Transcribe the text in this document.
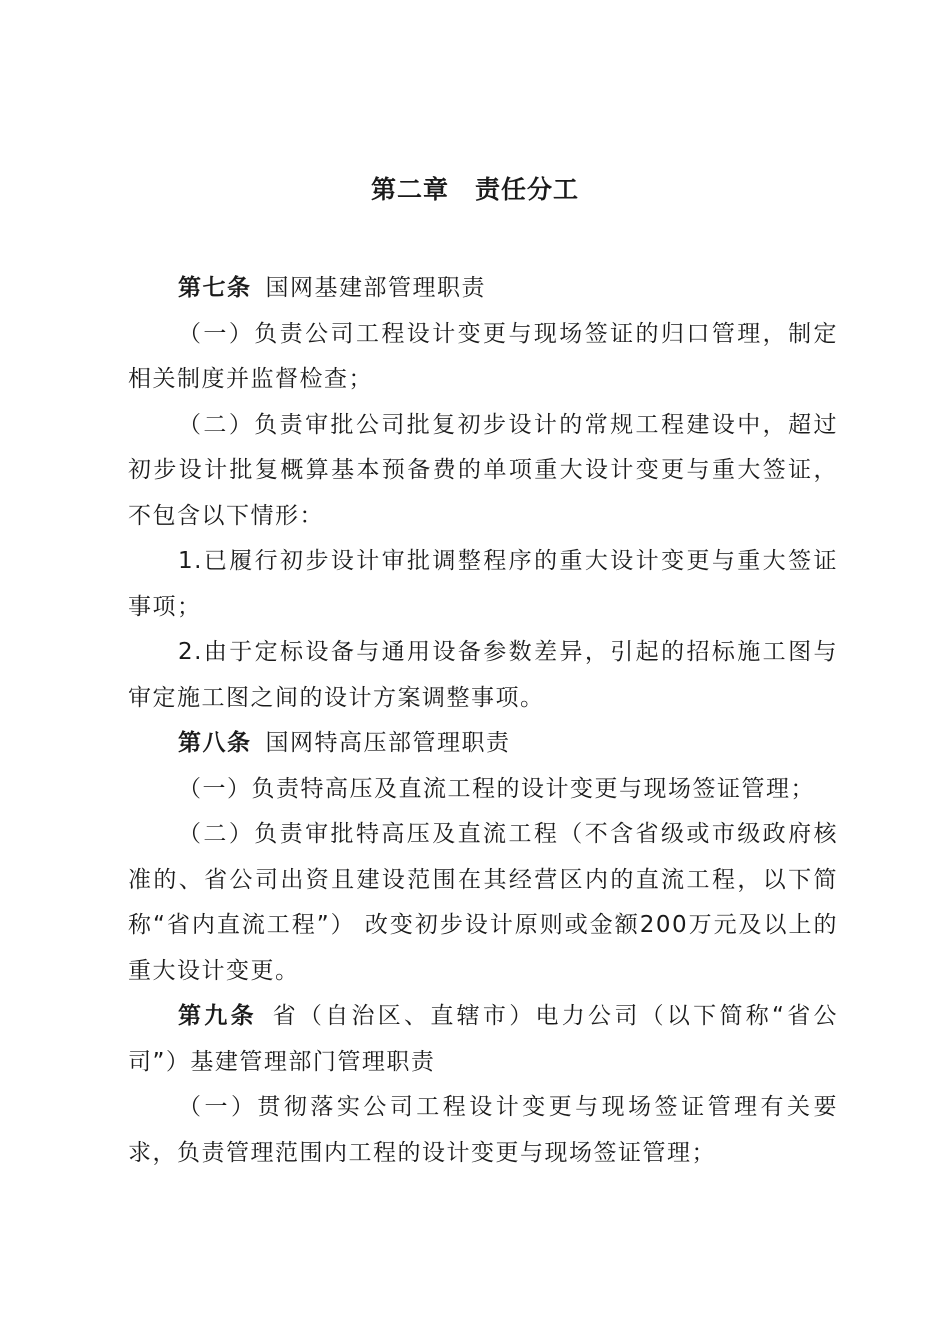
第二章 责任分工

第七条 国网基建部管理职责

（一）负责公司工程设计变更与现场签证的归口管理，制定相关制度并监督检查；

（二）负责审批公司批复初步设计的常规工程建设中，超过初步设计批复概算基本预备费的单项重大设计变更与重大签证，不包含以下情形：

1.已履行初步设计审批调整程序的重大设计变更与重大签证事项；

2.由于定标设备与通用设备参数差异，引起的招标施工图与审定施工图之间的设计方案调整事项。

第八条 国网特高压部管理职责

（一）负责特高压及直流工程的设计变更与现场签证管理；

（二）负责审批特高压及直流工程（不含省级或市级政府核准的、省公司出资且建设范围在其经营区内的直流工程，以下简称“省内直流工程”） 改变初步设计原则或金额200万元及以上的重大设计变更。

第九条 省（自治区、直辖市）电力公司（以下简称“省公司”）基建管理部门管理职责

（一）贯彻落实公司工程设计变更与现场签证管理有关要求，负责管理范围内工程的设计变更与现场签证管理；
